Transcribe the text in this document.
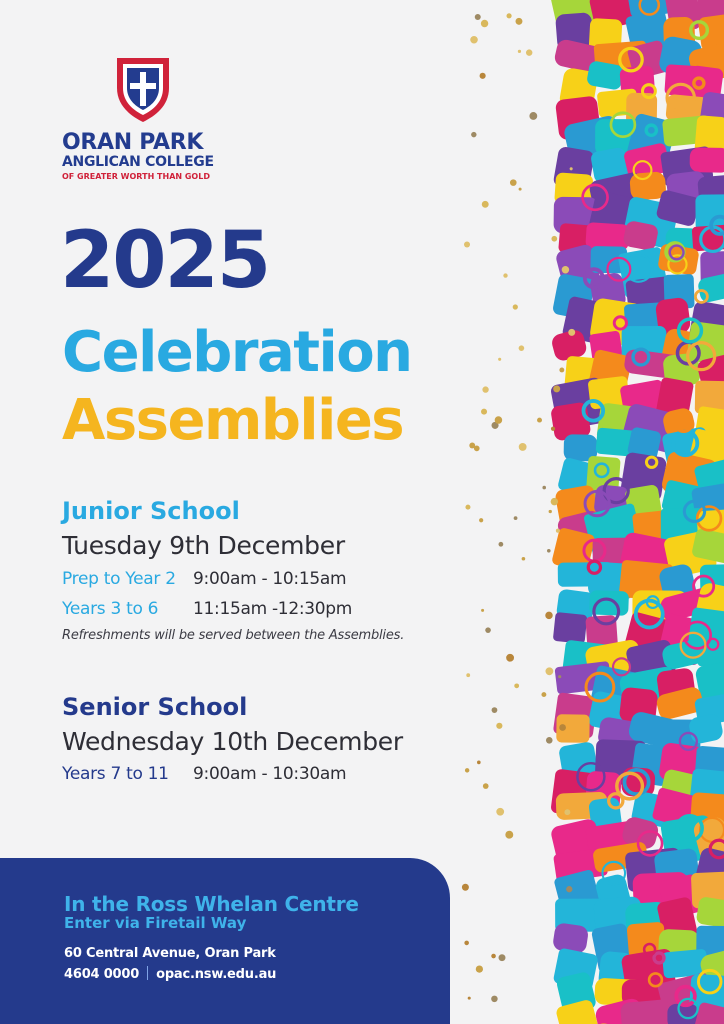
ORAN PARK
ANGLICAN COLLEGE
OF GREATER WORTH THAN GOLD
2025
Celebration
Assemblies
Junior School
Tuesday 9th December
Prep to Year 2 9:00am - 10:15am
Years 3 to 6 11:15am -12:30pm
Refreshments will be served between the Assemblies.
Senior School
Wednesday 10th December
Years 7 to 11 9:00am - 10:30am
In the Ross Whelan Centre
Enter via Firetail Way
60 Central Avenue, Oran Park
4604 0000 opac.nsw.edu.au
